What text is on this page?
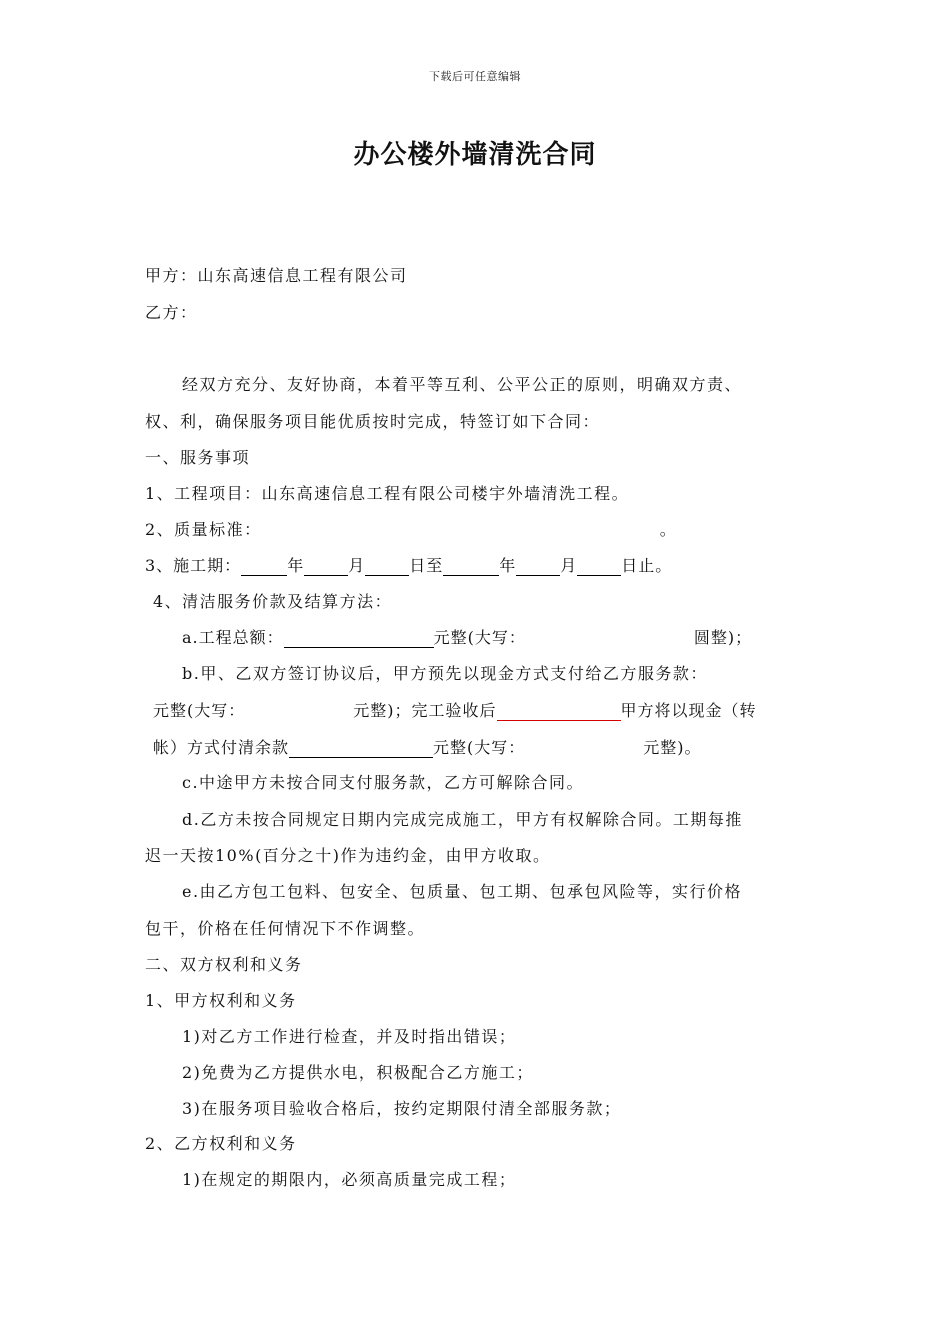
下载后可任意编辑
办公楼外墙清洗合同
甲方：山东高速信息工程有限公司
乙方：
经双方充分、友好协商，本着平等互利、公平公正的原则，明确双方责、
权、利，确保服务项目能优质按时完成，特签订如下合同：
一、服务事项
1、工程项目：山东高速信息工程有限公司楼宇外墙清洗工程。
2、质量标准：	。
3、施工期：	年	月	日至	年	月	日止。
4、清洁服务价款及结算方法：
a.工程总额：	元整(大写：	圆整)；
b.甲、乙双方签订协议后，甲方预先以现金方式支付给乙方服务款：
元整(大写：	元整)；完工验收后	甲方将以现金（转
帐）方式付清余款	元整(大写：	元整)。
c.中途甲方未按合同支付服务款，乙方可解除合同。
d.乙方未按合同规定日期内完成完成施工，甲方有权解除合同。工期每推
迟一天按10%(百分之十)作为违约金，由甲方收取。
e.由乙方包工包料、包安全、包质量、包工期、包承包风险等，实行价格
包干，价格在任何情况下不作调整。
二、双方权利和义务
1、甲方权利和义务
1)对乙方工作进行检查，并及时指出错误；
2)免费为乙方提供水电，积极配合乙方施工；
3)在服务项目验收合格后，按约定期限付清全部服务款；
2、乙方权利和义务
1)在规定的期限内，必须高质量完成工程；
